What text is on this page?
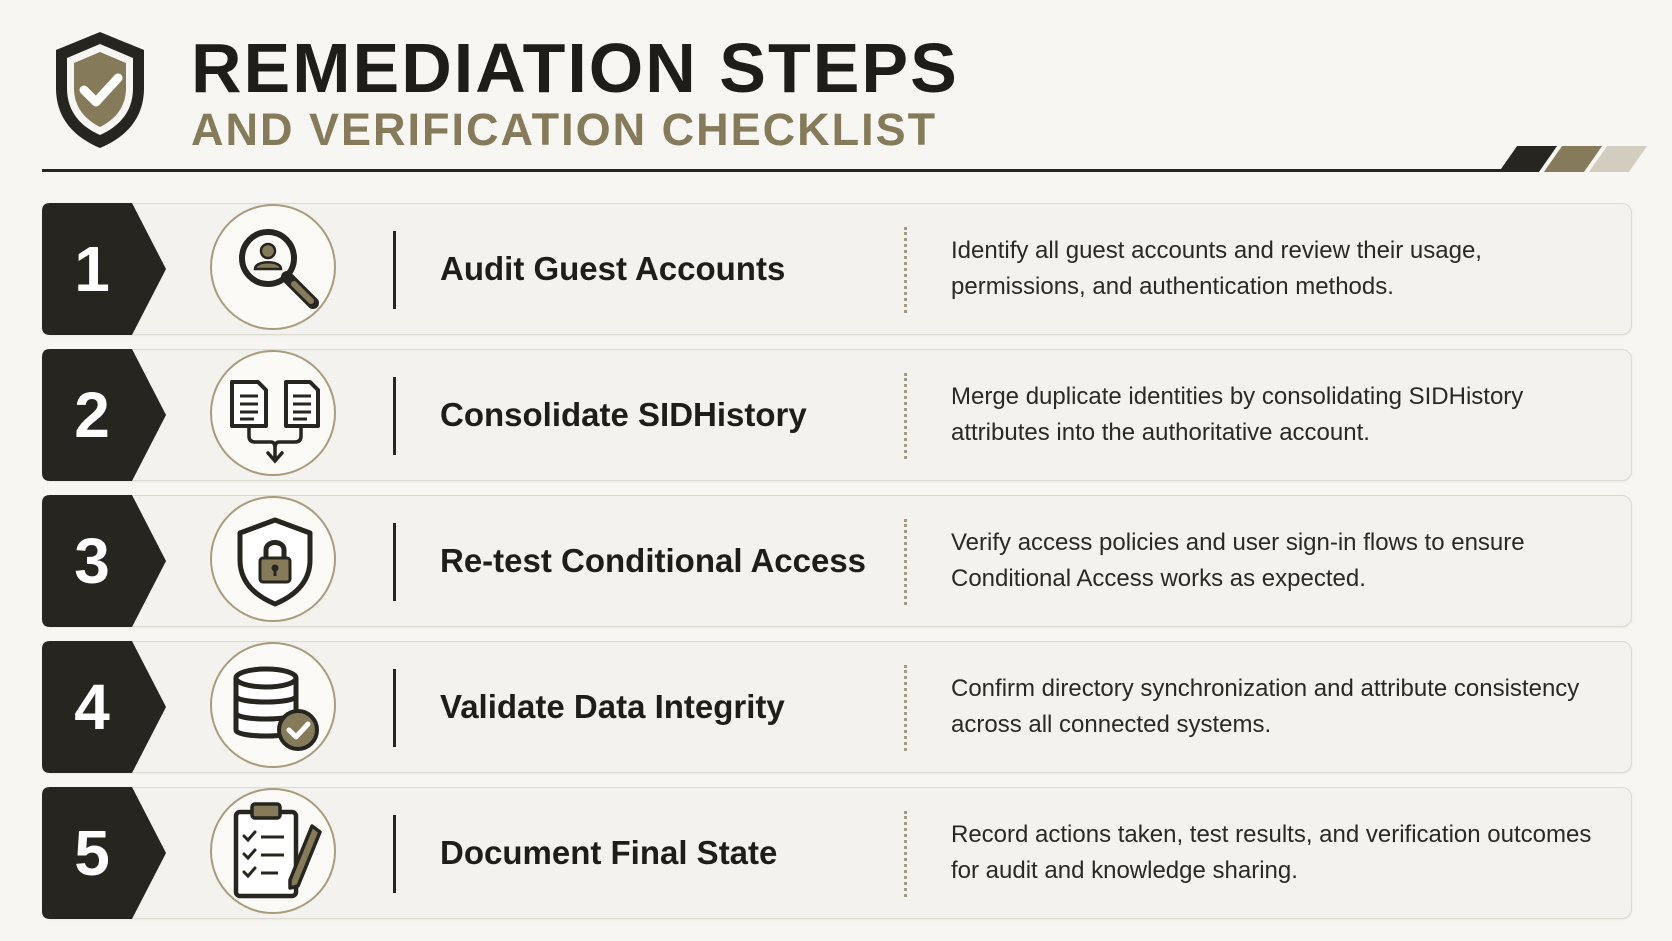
REMEDIATION STEPS
AND VERIFICATION CHECKLIST
1	Audit Guest Accounts	Identify all guest accounts and review their usage, permissions, and authentication methods.
2	Consolidate SIDHistory	Merge duplicate identities by consolidating SIDHistory attributes into the authoritative account.
3	Re-test Conditional Access	Verify access policies and user sign-in flows to ensure Conditional Access works as expected.
4	Validate Data Integrity	Confirm directory synchronization and attribute consistency across all connected systems.
5	Document Final State	Record actions taken, test results, and verification outcomes for audit and knowledge sharing.
